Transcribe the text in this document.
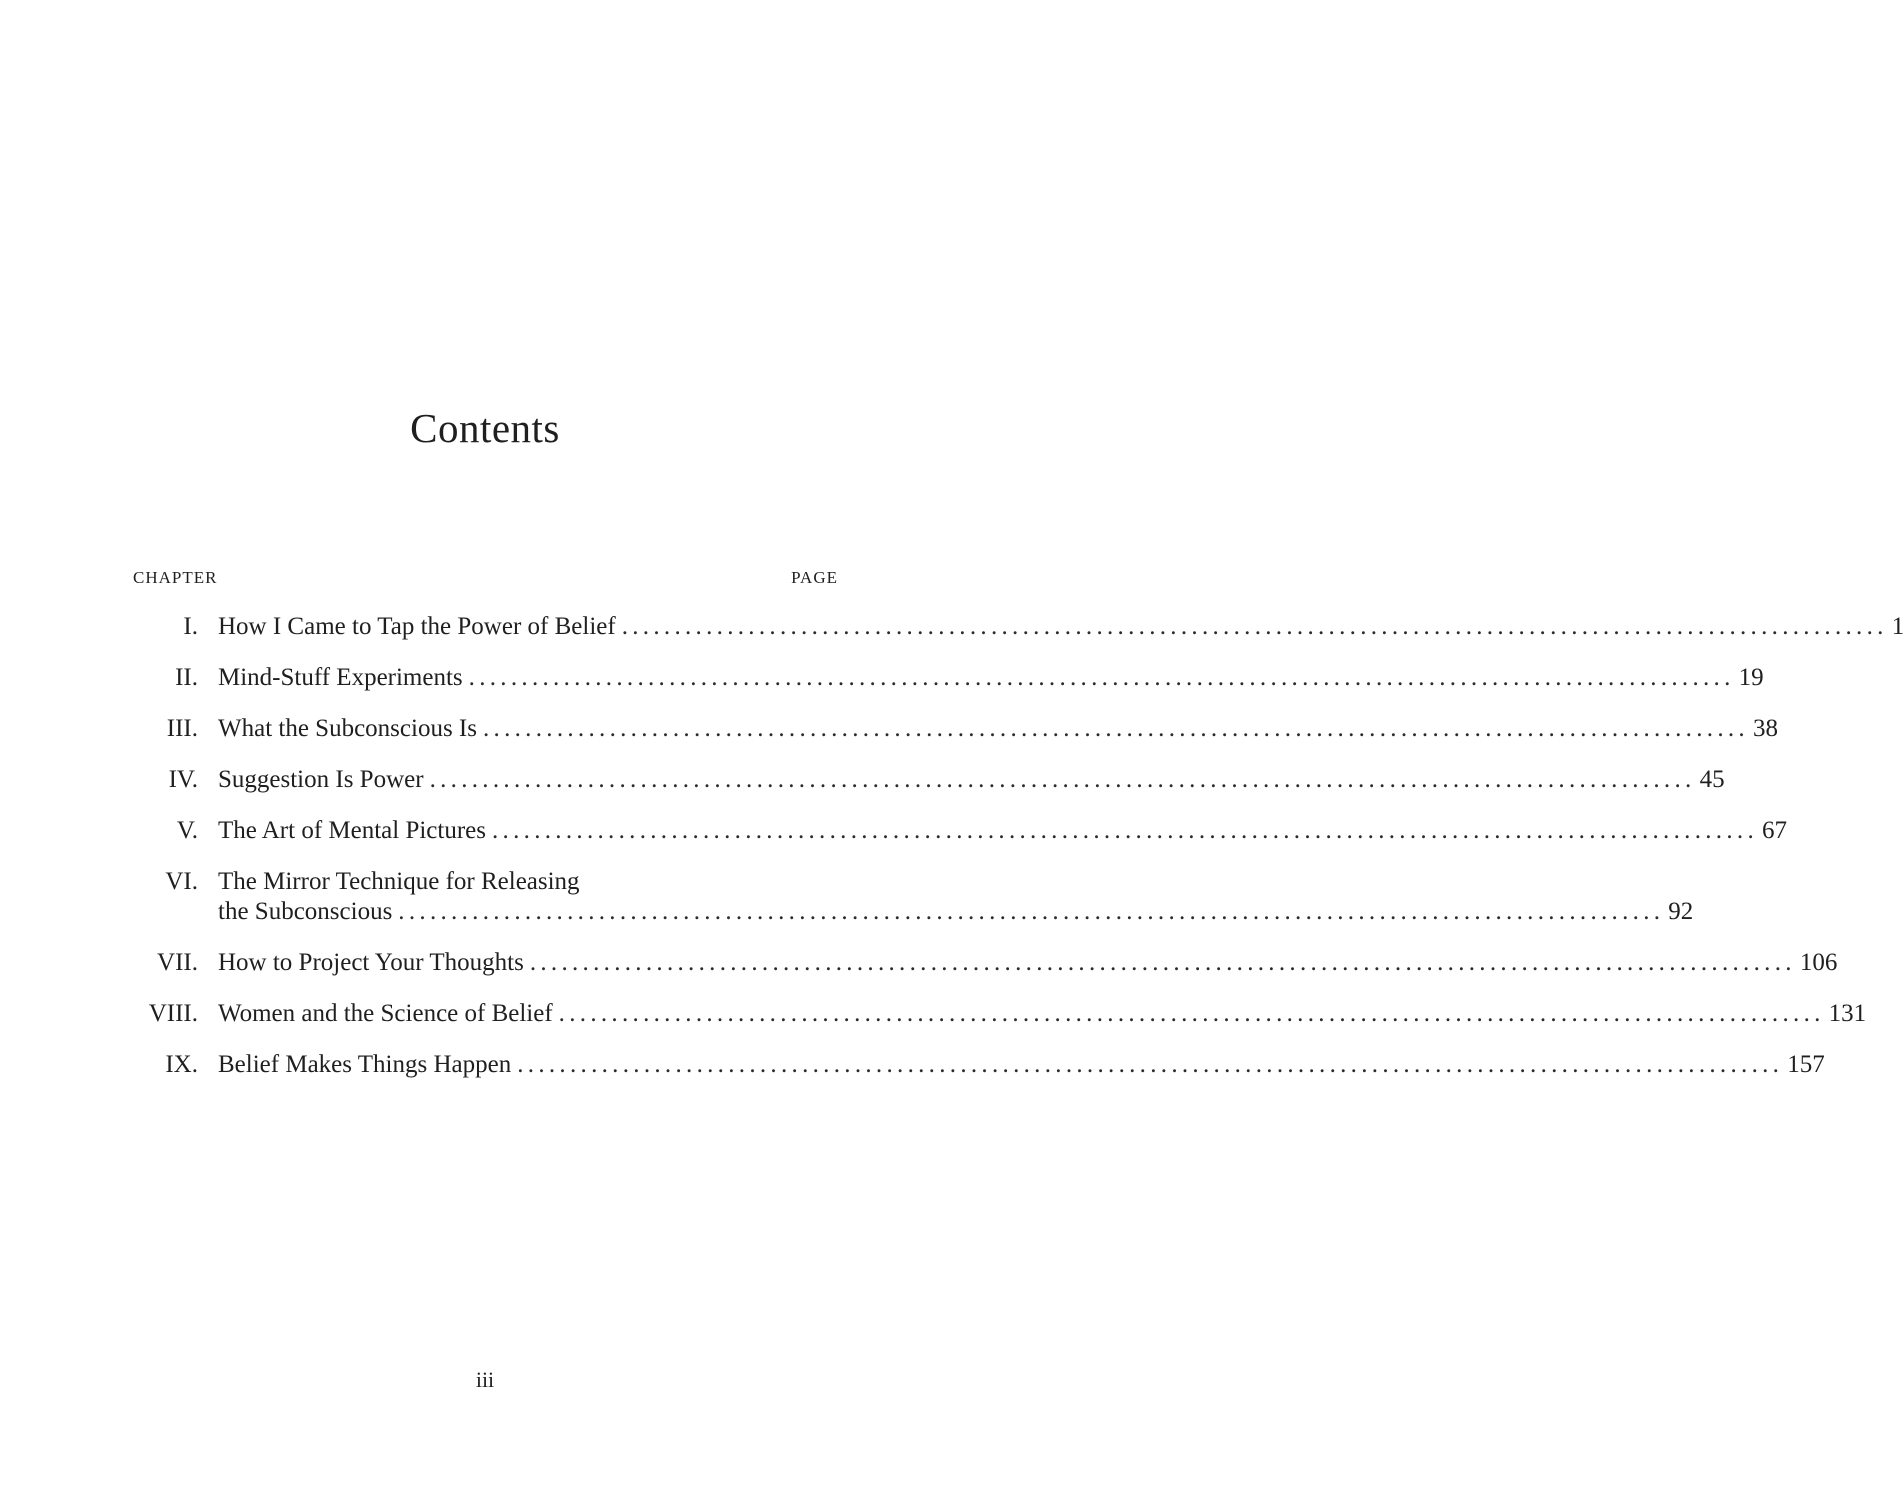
Contents
CHAPTER	PAGE
I. How I Came to Tap the Power of Belief ........................................................................................................................ 1
II. Mind-Stuff Experiments ........................................................................................................................ 19
III. What the Subconscious Is ........................................................................................................................ 38
IV. Suggestion Is Power ........................................................................................................................ 45
V. The Art of Mental Pictures ........................................................................................................................ 67
VI. The Mirror Technique for Releasing
the Subconscious ........................................................................................................................ 92
VII. How to Project Your Thoughts ........................................................................................................................ 106
VIII. Women and the Science of Belief ........................................................................................................................ 131
IX. Belief Makes Things Happen ........................................................................................................................ 157
iii
